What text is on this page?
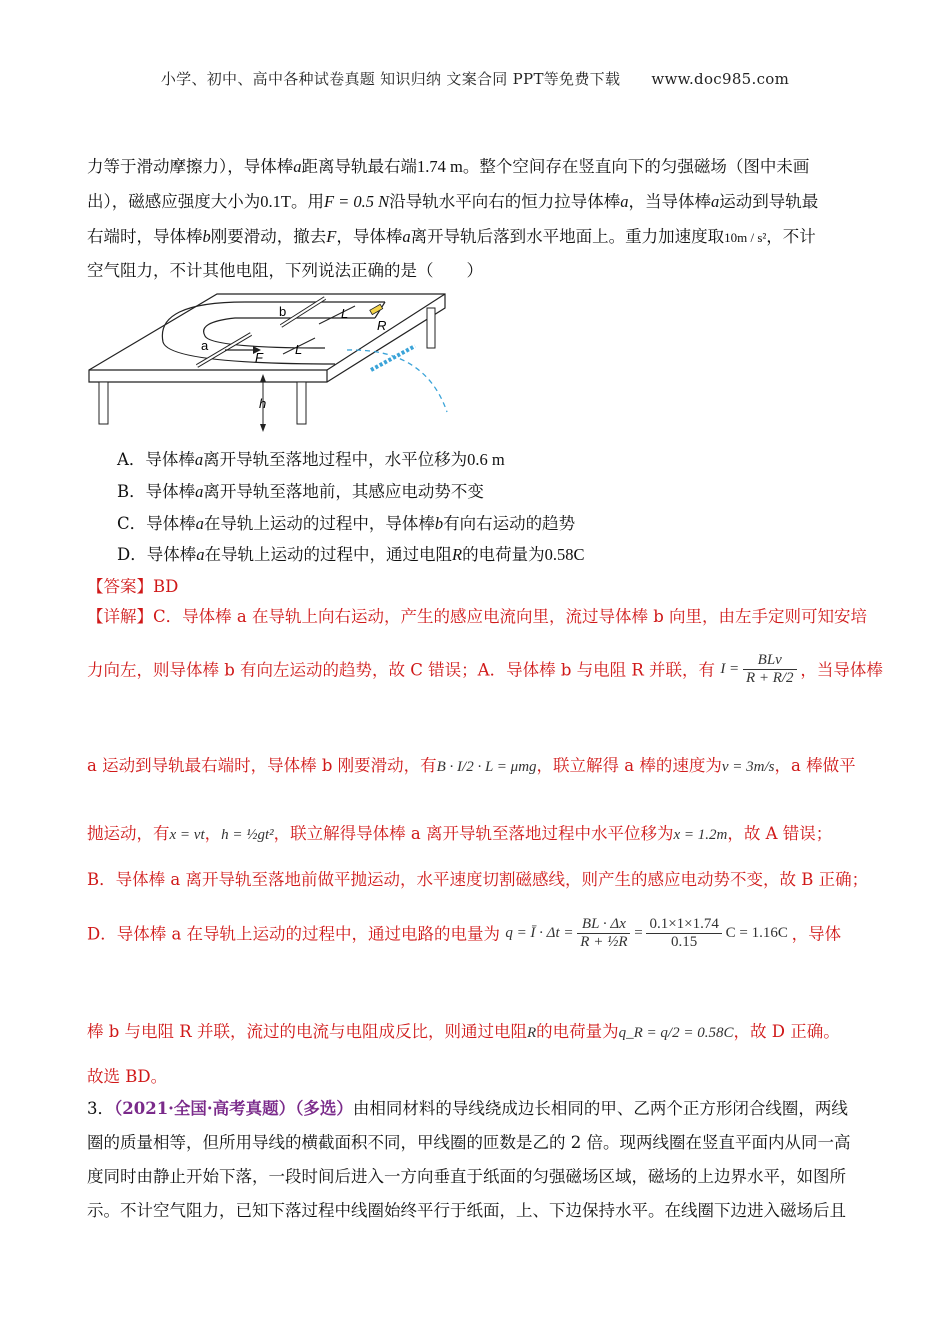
小学、初中、高中各种试卷真题 知识归纳 文案合同 PPT等免费下载 www.doc985.com
力等于滑动摩擦力），导体棒a距离导轨最右端1.74 m。整个空间存在竖直向下的匀强磁场（图中未画
出），磁感应强度大小为0.1T。用F = 0.5 N沿导轨水平向右的恒力拉导体棒a，当导体棒a运动到导轨最
右端时，导体棒b刚要滑动，撤去F，导体棒a离开导轨后落到水平地面上。重力加速度取10m / s²，不计
空气阻力，不计其他电阻，下列说法正确的是（　　）
b
a
F
L
L
R
h
A．导体棒a离开导轨至落地过程中，水平位移为0.6 m
B．导体棒a离开导轨至落地前，其感应电动势不变
C．导体棒a在导轨上运动的过程中，导体棒b有向右运动的趋势
D．导体棒a在导轨上运动的过程中，通过电阻R的电荷量为0.58C
【答案】BD
【详解】C．导体棒 a 在导轨上向右运动，产生的感应电流向里，流过导体棒 b 向里，由左手定则可知安培
力向左，则导体棒 b 有向左运动的趋势，故 C 错误；A．导体棒 b 与电阻 R 并联，有 $I = \frac{\text{BLv}}{R + R/2}$ ，当导体棒
a 运动到导轨最右端时，导体棒 b 刚要滑动，有B · I/2 · L = μmg，联立解得 a 棒的速度为v = 3m/s，a 棒做平
抛运动，有x = vt，h = ½gt²，联立解得导体棒 a 离开导轨至落地过程中水平位移为x = 1.2m，故 A 错误；
B．导体棒 a 离开导轨至落地前做平抛运动，水平速度切割磁感线，则产生的感应电动势不变，故 B 正确；
D．导体棒 a 在导轨上运动的过程中，通过电路的电量为 q = Ī · $\Delta t = \frac{BL \cdot \Delta x}{\text{R + ½R}} = \frac{0.1\times 1\times 1.74}{0.15}$ C = 1.16C ，导体
棒 b 与电阻 R 并联，流过的电流与电阻成反比，则通过电阻R的电荷量为q_R = q/2 = 0.58C，故 D 正确。
故选 BD。
3．（2021·全国·高考真题）（多选）由相同材料的导线绕成边长相同的甲、乙两个正方形闭合线圈，两线
圈的质量相等，但所用导线的横截面积不同，甲线圈的匝数是乙的 2 倍。现两线圈在竖直平面内从同一高
度同时由静止开始下落，一段时间后进入一方向垂直于纸面的匀强磁场区域，磁场的上边界水平，如图所
示。不计空气阻力，已知下落过程中线圈始终平行于纸面，上、下边保持水平。在线圈下边进入磁场后且
